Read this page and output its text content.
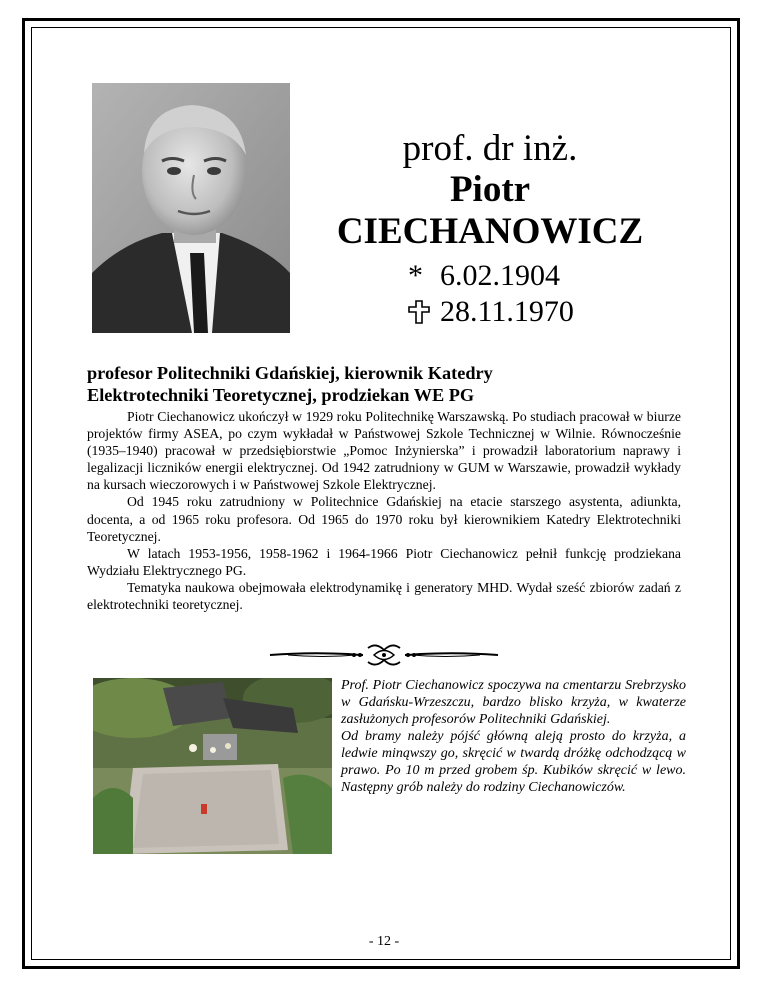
prof. dr inż.
Piotr
CIECHANOWICZ
* 6.02.1904
28.11.1970
profesor Politechniki Gdańskiej, kierownik Katedry
Elektrotechniki Teoretycznej, prodziekan WE PG

Piotr Ciechanowicz ukończył w 1929 roku Politechnikę Warszawską. Po studiach pracował w biurze projektów firmy ASEA, po czym wykładał w Państwowej Szkole Technicznej w Wilnie. Równocześnie (1935–1940) pracował w przedsiębiorstwie „Pomoc Inżynierska” i prowadził laboratorium naprawy i legalizacji liczników energii elektrycznej. Od 1942 zatrudniony w GUM w Warszawie, prowadził wykłady na kursach wieczorowych i w Państwowej Szkole Elektrycznej.

Od 1945 roku zatrudniony w Politechnice Gdańskiej na etacie starszego asystenta, adiunkta, docenta, a od 1965 roku profesora. Od 1965 do 1970 roku był kierownikiem Katedry Elektrotechniki Teoretycznej.

W latach 1953-1956, 1958-1962 i 1964-1966 Piotr Ciechanowicz pełnił funkcję prodziekana Wydziału Elektrycznego PG.

Tematyka naukowa obejmowała elektrodynamikę i generatory MHD. Wydał sześć zbiorów zadań z elektrotechniki teoretycznej.

Prof. Piotr Ciechanowicz spoczywa na cmentarzu Srebrzysko w Gdańsku-Wrzeszczu, bardzo blisko krzyża, w kwaterze zasłużonych profesorów Politechniki Gdańskiej.

Od bramy należy pójść główną aleją prosto do krzyża, a ledwie minąwszy go, skręcić w twardą dróżkę odchodzącą w prawo. Po 10 m przed grobem śp. Kubików skręcić w lewo. Następny grób należy do rodziny Ciechanowiczów.

- 12 -
